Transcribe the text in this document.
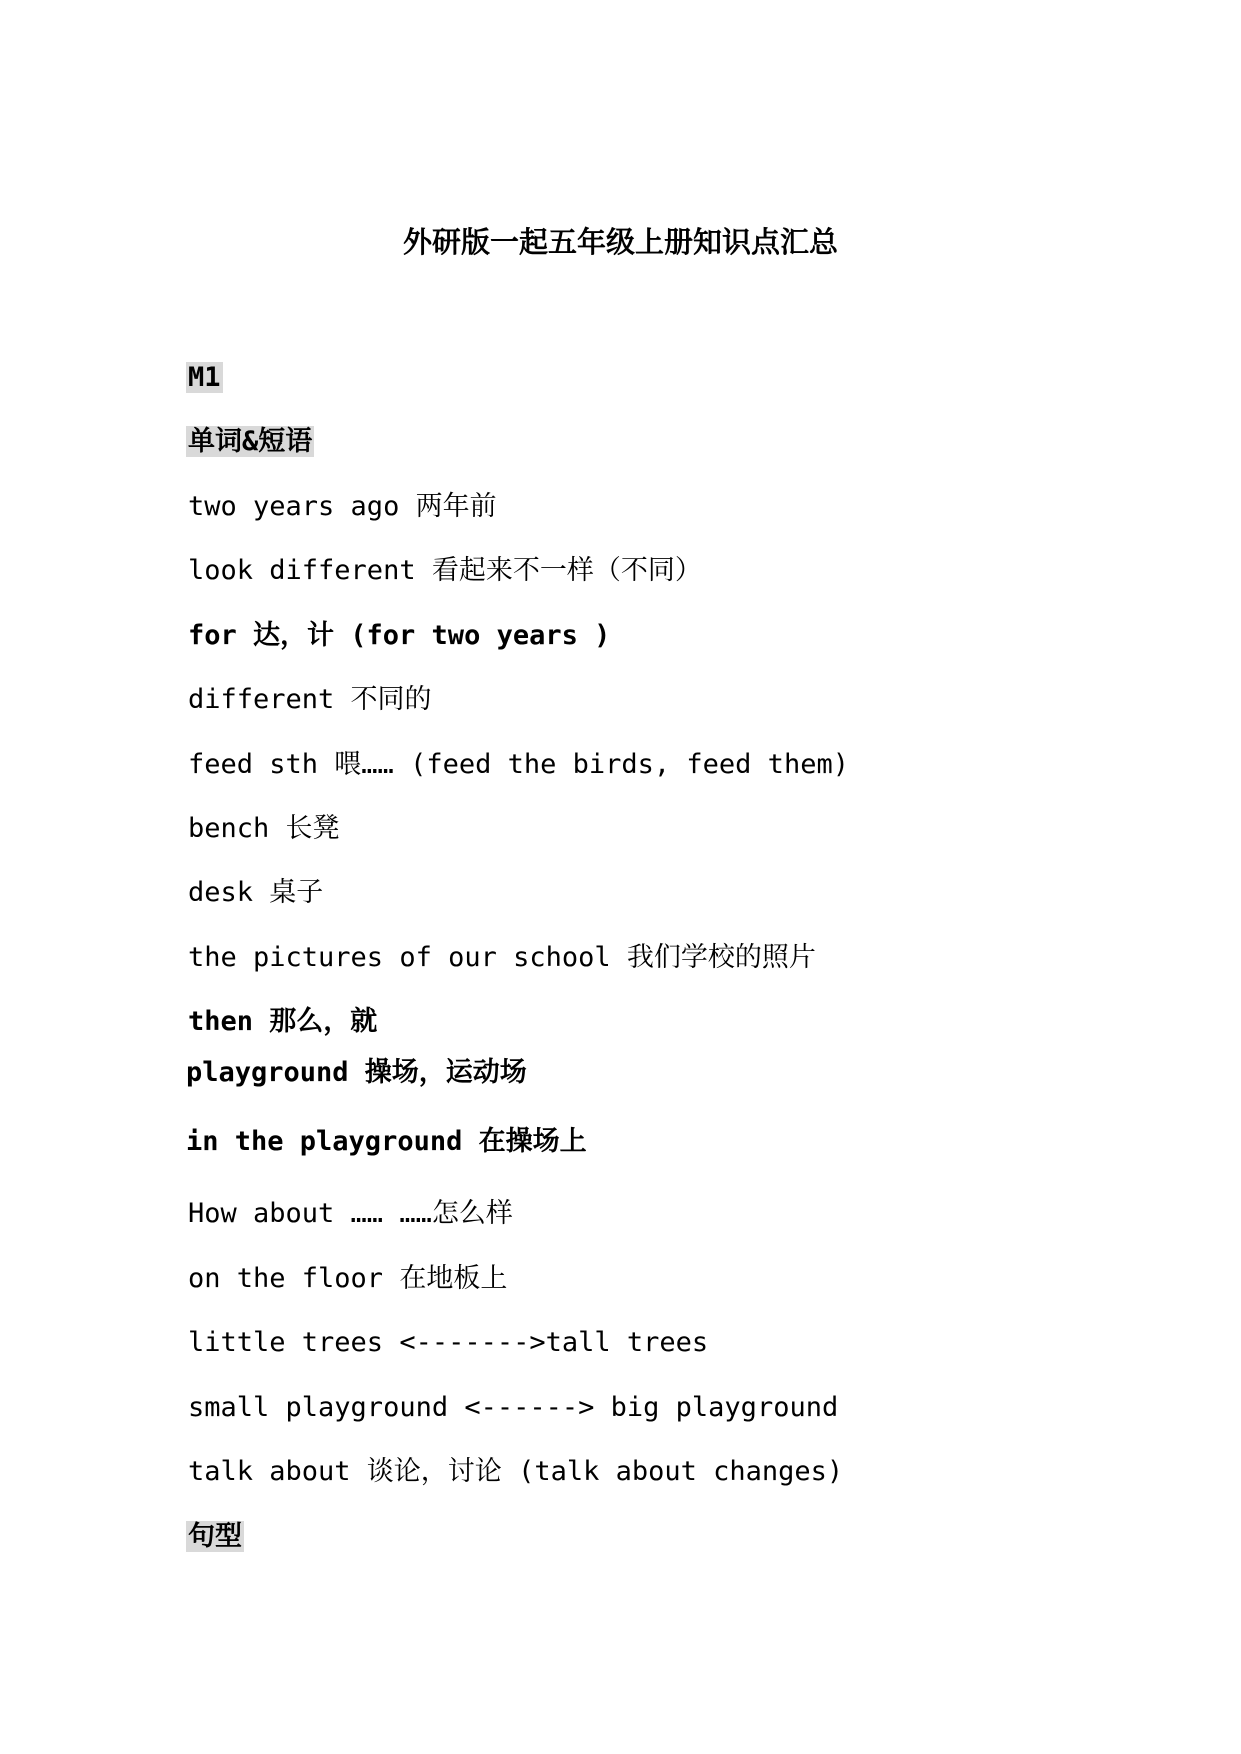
外研版一起五年级上册知识点汇总
M1
单词&短语
two years ago 两年前
look different 看起来不一样（不同）
for 达，计 (for two years )
different 不同的
feed sth 喂…… (feed the birds, feed them)
bench 长凳
desk 桌子
the pictures of our school 我们学校的照片
then 那么，就
playground 操场，运动场
in the playground 在操场上
How about …… ……怎么样
on the floor 在地板上
little trees <------->tall trees
small playground <------> big playground
talk about 谈论，讨论 (talk about changes)
句型
